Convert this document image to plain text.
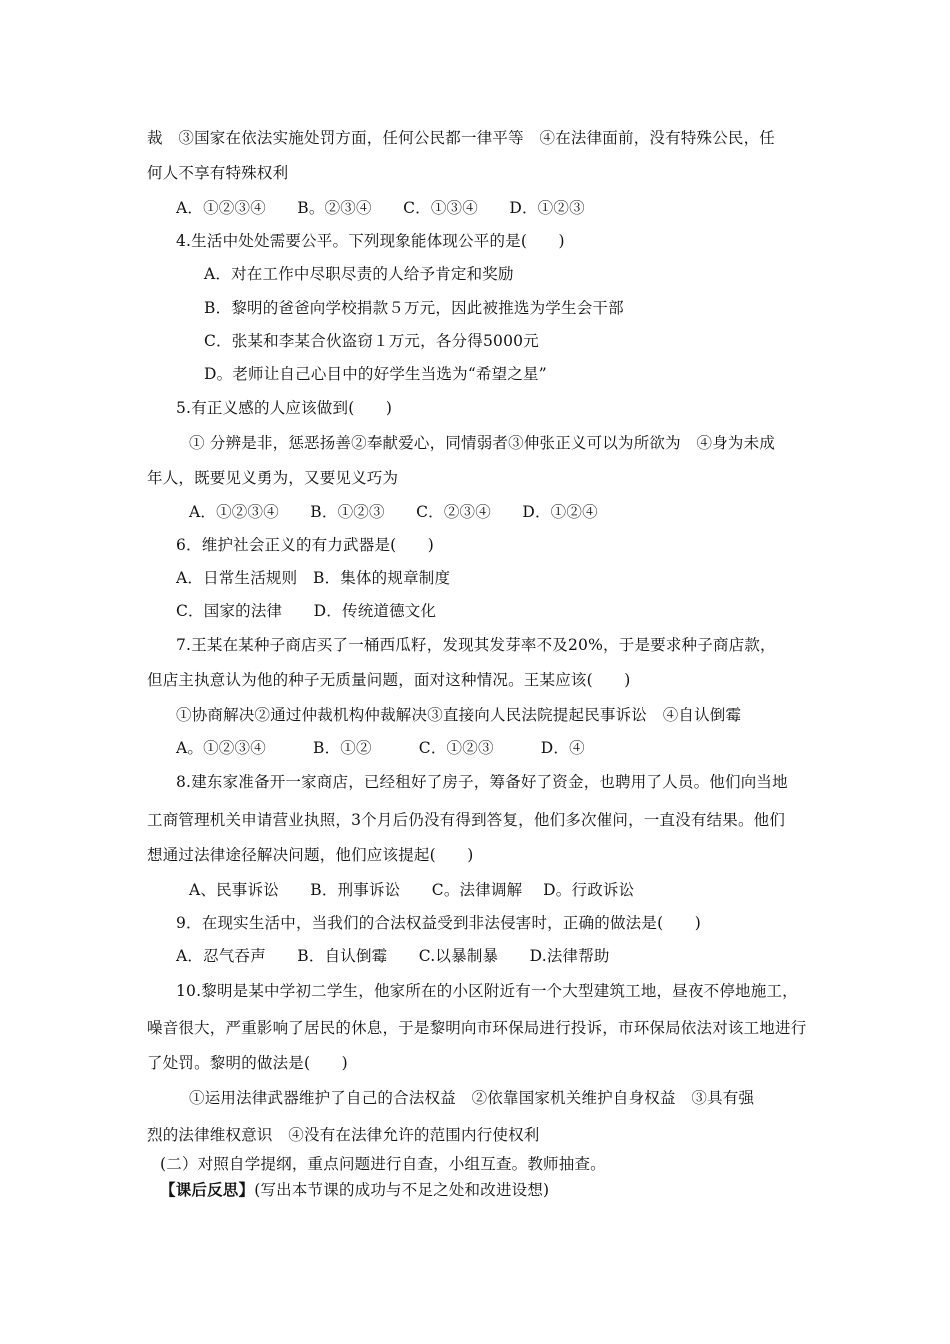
裁　③国家在依法实施处罚方面，任何公民都一律平等　④在法律面前，没有特殊公民，任
何人不享有特殊权利
A．①②③④　　B。②③④　　C．①③④　　D．①②③
4.生活中处处需要公平。下列现象能体现公平的是(　　)
A．对在工作中尽职尽责的人给予肯定和奖励
B．黎明的爸爸向学校捐款５万元，因此被推选为学生会干部
C．张某和李某合伙盗窃１万元，各分得5000元
D。老师让自己心目中的好学生当选为“希望之星”
5.有正义感的人应该做到(　　)
① 分辨是非，惩恶扬善②奉献爱心，同情弱者③伸张正义可以为所欲为　④身为未成
年人，既要见义勇为，又要见义巧为
A．①②③④　　B．①②③　　C．②③④　　D．①②④
6．维护社会正义的有力武器是(　　)
A．日常生活规则　B．集体的规章制度
C．国家的法律　　D．传统道德文化
7.王某在某种子商店买了一桶西瓜籽，发现其发芽率不及20%，于是要求种子商店款，
但店主执意认为他的种子无质量问题，面对这种情况。王某应该(　　)
①协商解决②通过仲裁机构仲裁解决③直接向人民法院提起民事诉讼　④自认倒霉
A。①②③④　　　B．①②　　　C．①②③　　　D．④
8.建东家准备开一家商店，已经租好了房子，筹备好了资金，也聘用了人员。他们向当地
工商管理机关申请营业执照，3个月后仍没有得到答复，他们多次催问，一直没有结果。他们
想通过法律途径解决问题，他们应该提起(　　)
A、民事诉讼　　B．刑事诉讼　　C。法律调解　 D。行政诉讼
9．在现实生活中，当我们的合法权益受到非法侵害时，正确的做法是(　　)
A．忍气吞声　　B．自认倒霉　　C.以暴制暴　　D.法律帮助
10.黎明是某中学初二学生，他家所在的小区附近有一个大型建筑工地，昼夜不停地施工，
噪音很大，严重影响了居民的休息，于是黎明向市环保局进行投诉，市环保局依法对该工地进行
了处罚。黎明的做法是(　　)
①运用法律武器维护了自己的合法权益　②依靠国家机关维护自身权益　③具有强
烈的法律维权意识　④没有在法律允许的范围内行使权利
(二）对照自学提纲，重点问题进行自查，小组互查。教师抽查。
【课后反思】(写出本节课的成功与不足之处和改进设想)
